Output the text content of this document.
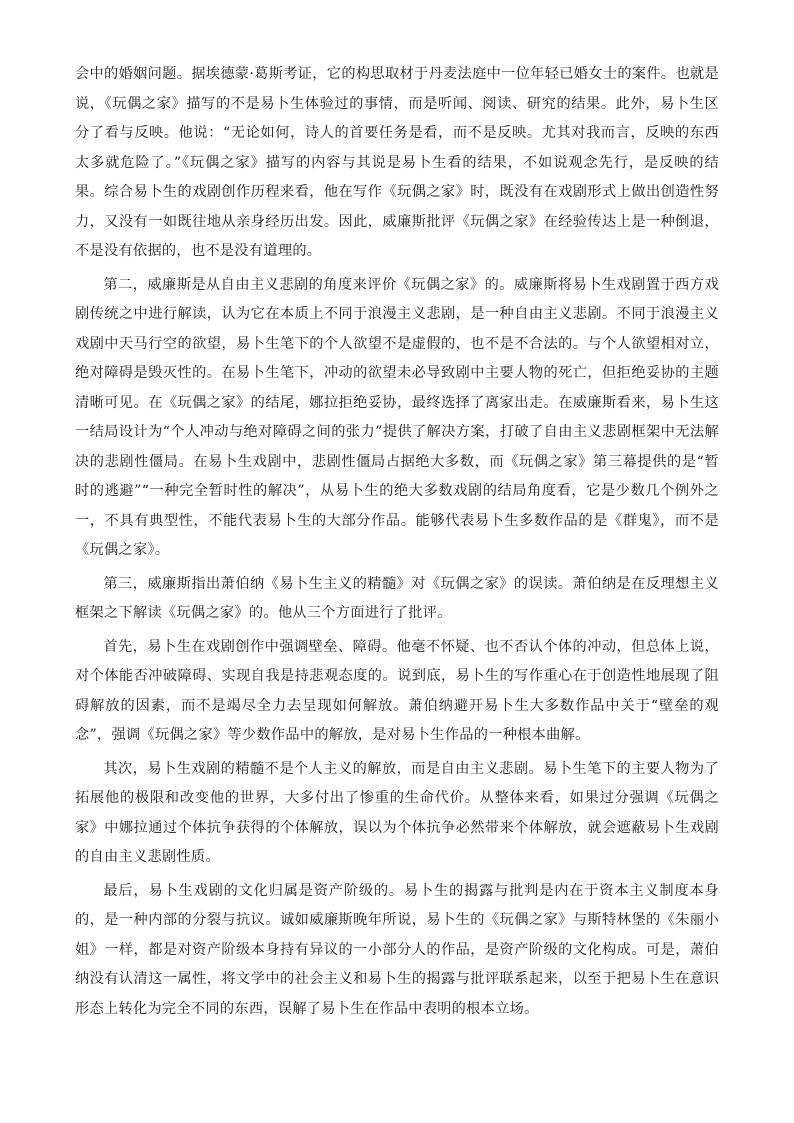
会中的婚姻问题。据埃德蒙·葛斯考证，它的构思取材于丹麦法庭中一位年轻已婚女士的案件。也就是说，《玩偶之家》描写的不是易卜生体验过的事情，而是听闻、阅读、研究的结果。此外，易卜生区分了看与反映。他说：“无论如何，诗人的首要任务是看，而不是反映。尤其对我而言，反映的东西太多就危险了。”《玩偶之家》描写的内容与其说是易卜生看的结果，不如说观念先行，是反映的结果。综合易卜生的戏剧创作历程来看，他在写作《玩偶之家》时，既没有在戏剧形式上做出创造性努力，又没有一如既往地从亲身经历出发。因此，威廉斯批评《玩偶之家》在经验传达上是一种倒退，不是没有依据的，也不是没有道理的。

第二，威廉斯是从自由主义悲剧的角度来评价《玩偶之家》的。威廉斯将易卜生戏剧置于西方戏剧传统之中进行解读，认为它在本质上不同于浪漫主义悲剧，是一种自由主义悲剧。不同于浪漫主义戏剧中天马行空的欲望，易卜生笔下的个人欲望不是虚假的，也不是不合法的。与个人欲望相对立，绝对障碍是毁灭性的。在易卜生笔下，冲动的欲望未必导致剧中主要人物的死亡，但拒绝妥协的主题清晰可见。在《玩偶之家》的结尾，娜拉拒绝妥协，最终选择了离家出走。在威廉斯看来，易卜生这一结局设计为“个人冲动与绝对障碍之间的张力”提供了解决方案，打破了自由主义悲剧框架中无法解决的悲剧性僵局。在易卜生戏剧中，悲剧性僵局占据绝大多数，而《玩偶之家》第三幕提供的是“暂时的逃避”“一种完全暂时性的解决”，从易卜生的绝大多数戏剧的结局角度看，它是少数几个例外之一，不具有典型性，不能代表易卜生的大部分作品。能够代表易卜生多数作品的是《群鬼》，而不是《玩偶之家》。

第三，威廉斯指出萧伯纳《易卜生主义的精髓》对《玩偶之家》的误读。萧伯纳是在反理想主义框架之下解读《玩偶之家》的。他从三个方面进行了批评。

首先，易卜生在戏剧创作中强调壁垒、障碍。他毫不怀疑、也不否认个体的冲动，但总体上说，对个体能否冲破障碍、实现自我是持悲观态度的。说到底，易卜生的写作重心在于创造性地展现了阻碍解放的因素，而不是竭尽全力去呈现如何解放。萧伯纳避开易卜生大多数作品中关于“壁垒的观念”，强调《玩偶之家》等少数作品中的解放，是对易卜生作品的一种根本曲解。

其次，易卜生戏剧的精髓不是个人主义的解放，而是自由主义悲剧。易卜生笔下的主要人物为了拓展他的极限和改变他的世界，大多付出了惨重的生命代价。从整体来看，如果过分强调《玩偶之家》中娜拉通过个体抗争获得的个体解放，误以为个体抗争必然带来个体解放，就会遮蔽易卜生戏剧的自由主义悲剧性质。

最后，易卜生戏剧的文化归属是资产阶级的。易卜生的揭露与批判是内在于资本主义制度本身的，是一种内部的分裂与抗议。诚如威廉斯晚年所说，易卜生的《玩偶之家》与斯特林堡的《朱丽小姐》一样，都是对资产阶级本身持有异议的一小部分人的作品，是资产阶级的文化构成。可是，萧伯纳没有认清这一属性，将文学中的社会主义和易卜生的揭露与批评联系起来，以至于把易卜生在意识形态上转化为完全不同的东西，误解了易卜生在作品中表明的根本立场。
